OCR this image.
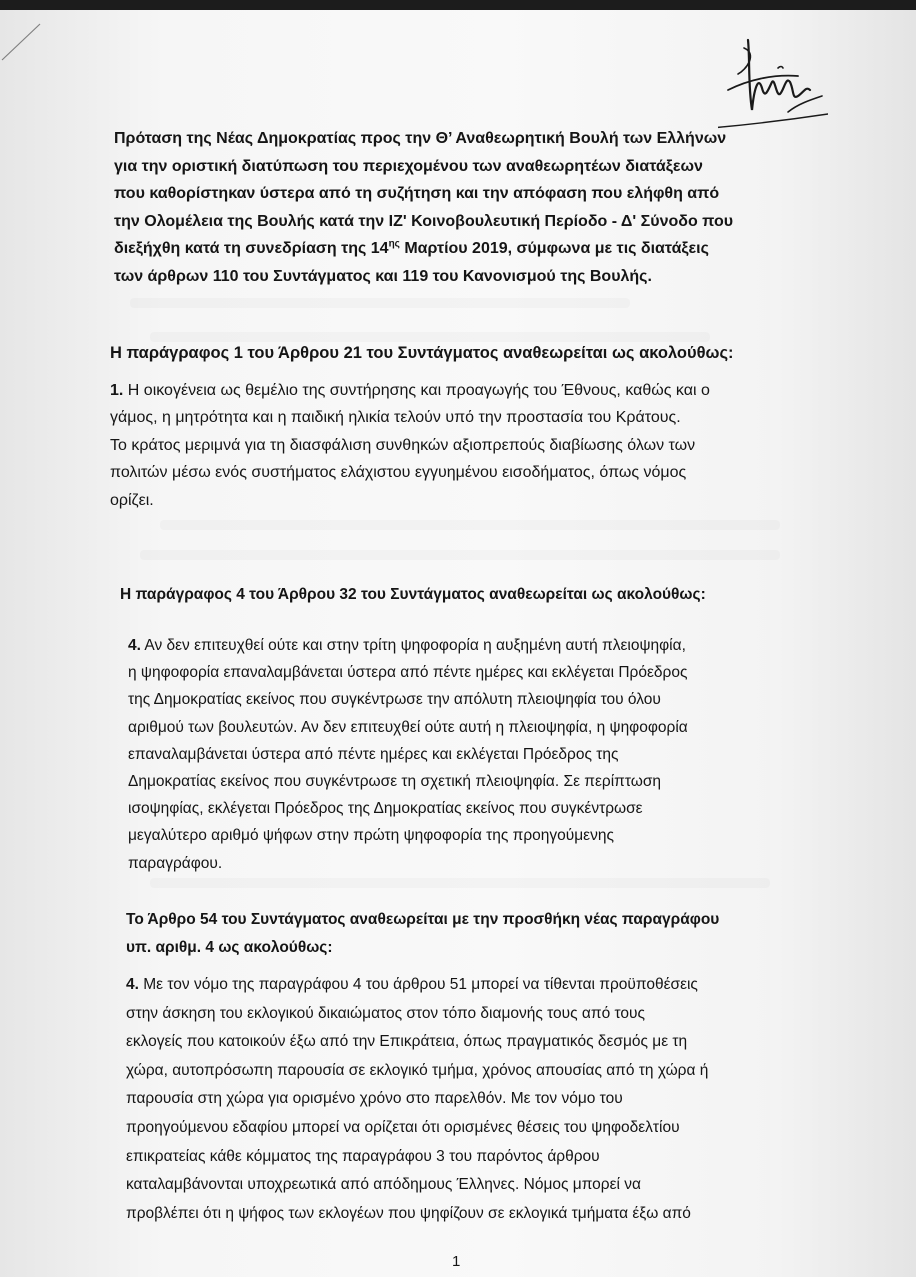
Πρόταση της Νέας Δημοκρατίας προς την Θ’ Αναθεωρητική Βουλή των Ελλήνων

για την οριστική διατύπωση του περιεχομένου των αναθεωρητέων διατάξεων

που καθορίστηκαν ύστερα από τη συζήτηση και την απόφαση που ελήφθη από

την Ολομέλεια της Βουλής κατά την ΙΖ' Κοινοβουλευτική Περίοδο - Δ' Σύνοδο που

διεξήχθη κατά τη συνεδρίαση της $14^{\eta\varsigma}$ Μαρτίου 2019, σύμφωνα με τις διατάξεις

των άρθρων 110 του Συντάγματος και 119 του Κανονισμού της Βουλής.

Η παράγραφος 1 του Άρθρου 21 του Συντάγματος αναθεωρείται ως ακολούθως:

1. Η οικογένεια ως θεμέλιο της συντήρησης και προαγωγής του Έθνους, καθώς και ο

γάμος, η μητρότητα και η παιδική ηλικία τελούν υπό την προστασία του Κράτους.

Το κράτος μεριμνά για τη διασφάλιση συνθηκών αξιοπρεπούς διαβίωσης όλων των

πολιτών μέσω ενός συστήματος ελάχιστου εγγυημένου εισοδήματος, όπως νόμος

ορίζει.

Η παράγραφος 4 του Άρθρου 32 του Συντάγματος αναθεωρείται ως ακολούθως:

4. Αν δεν επιτευχθεί ούτε και στην τρίτη ψηφοφορία η αυξημένη αυτή πλειοψηφία,

η ψηφοφορία επαναλαμβάνεται ύστερα από πέντε ημέρες και εκλέγεται Πρόεδρος

της Δημοκρατίας εκείνος που συγκέντρωσε την απόλυτη πλειοψηφία του όλου

αριθμού των βουλευτών. Αν δεν επιτευχθεί ούτε αυτή η πλειοψηφία, η ψηφοφορία

επαναλαμβάνεται ύστερα από πέντε ημέρες και εκλέγεται Πρόεδρος της

Δημοκρατίας εκείνος που συγκέντρωσε τη σχετική πλειοψηφία. Σε περίπτωση

ισοψηφίας, εκλέγεται Πρόεδρος της Δημοκρατίας εκείνος που συγκέντρωσε

μεγαλύτερο αριθμό ψήφων στην πρώτη ψηφοφορία της προηγούμενης

παραγράφου.

Το Άρθρο 54 του Συντάγματος αναθεωρείται με την προσθήκη νέας παραγράφου

υπ. αριθμ. 4 ως ακολούθως:

4. Με τον νόμο της παραγράφου 4 του άρθρου 51 μπορεί να τίθενται προϋποθέσεις

στην άσκηση του εκλογικού δικαιώματος στον τόπο διαμονής τους από τους

εκλογείς που κατοικούν έξω από την Επικράτεια, όπως πραγματικός δεσμός με τη

χώρα, αυτοπρόσωπη παρουσία σε εκλογικό τμήμα, χρόνος απουσίας από τη χώρα ή

παρουσία στη χώρα για ορισμένο χρόνο στο παρελθόν. Με τον νόμο του

προηγούμενου εδαφίου μπορεί να ορίζεται ότι ορισμένες θέσεις του ψηφοδελτίου

επικρατείας κάθε κόμματος της παραγράφου 3 του παρόντος άρθρου

καταλαμβάνονται υποχρεωτικά από απόδημους Έλληνες. Νόμος μπορεί να

προβλέπει ότι η ψήφος των εκλογέων που ψηφίζουν σε εκλογικά τμήματα έξω από

1
